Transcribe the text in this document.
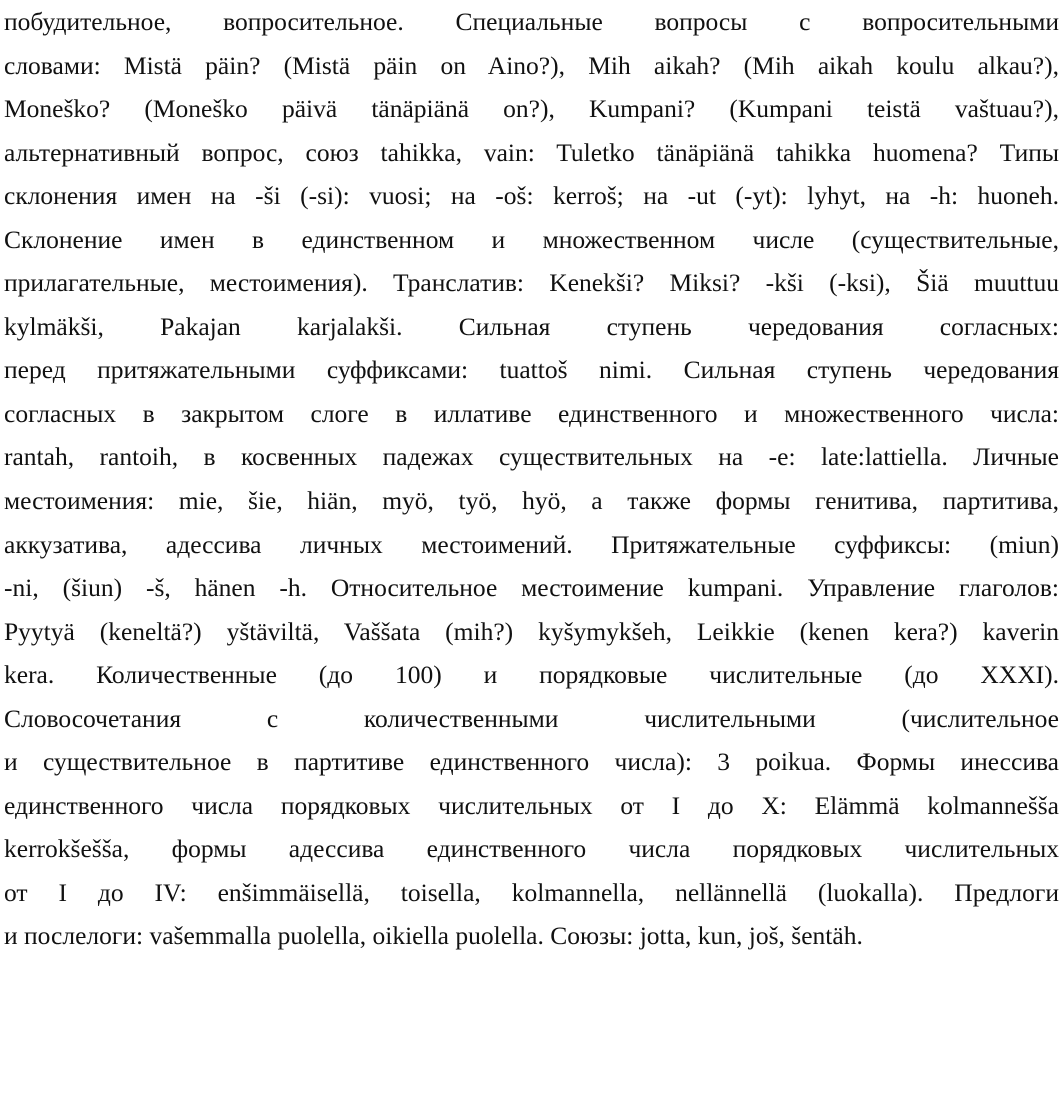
побудительное, вопросительное. Специальные вопросы с вопросительными
словами: Mistä päin? (Mistä päin on Aino?), Mih aikah? (Mih aikah koulu alkau?),
Moneško? (Moneško päivä tänäpiänä on?), Kumpani? (Kumpani teistä vaštuau?),
альтернативный вопрос, союз tahikka, vain: Tuletko tänäpiänä tahikka huomena? Типы
склонения имен на -ši (-si): vuosi; на -oš: kerroš; на -ut (-yt): lyhyt, на -h: huoneh.
Склонение имен в единственном и множественном числе (существительные,
прилагательные, местоимения). Транслатив: Kenekši? Miksi? -kši (-ksi), Šiä muuttuu
kylmäkši, Pakajan karjalakši. Сильная ступень чередования согласных:
перед притяжательными суффиксами: tuattoš nimi. Сильная ступень чередования
согласных в закрытом слоге в иллативе единственного и множественного числа:
rantah, rantoih, в косвенных падежах существительных на -e: late:lattiella. Личные
местоимения: mie, šie, hiän, myö, työ, hyö, а также формы генитива, партитива,
аккузатива, адессива личных местоимений. Притяжательные суффиксы: (miun)
-ni, (šiun) -š, hänen -h. Относительное местоимение kumpani. Управление глаголов:
Pyytyä (keneltä?) yštäviltä, Vaššata (mih?) kyšymykšeh, Leikkie (kenen kera?) kaverin
kera. Количественные (до 100) и порядковые числительные (до XXXI).
Словосочетания с количественными числительными (числительное
и существительное в партитиве единственного числа): 3 poikua. Формы инессива
единственного числа порядковых числительных от I до X: Elämmä kolmannešša
kerrokšešša, формы адессива единственного числа порядковых числительных
от I до IV: enšimmäisellä, toisella, kolmannella, nellännellä (luokalla). Предлоги
и послелоги: vašemmalla puolella, oikiella puolella. Союзы: jotta, kun, još, šentäh.
